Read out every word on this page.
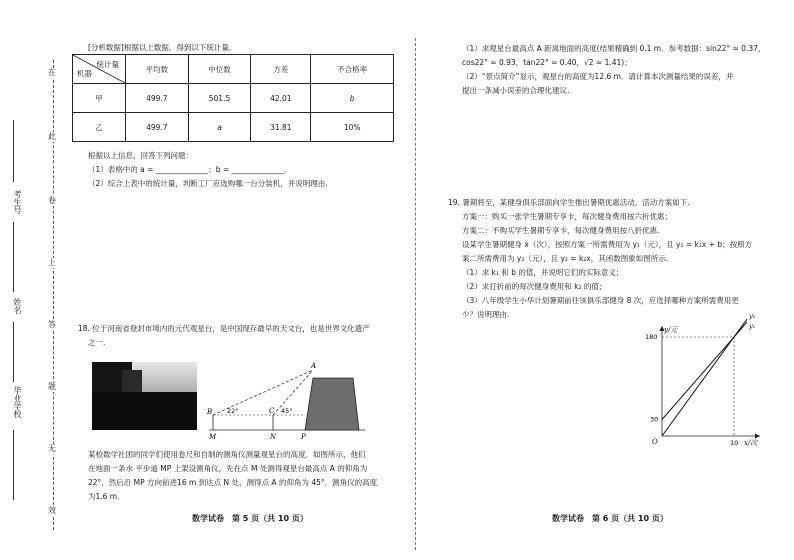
在
此
卷
上
答
题
无
效
考生号
姓名
毕业学校
[分析数据]根据以上数据，得到以下统计量.
统计量
机器	平均数	中位数	方差	不合格率
甲	499.7	501.5	42.01	b
乙	499.7	a	31.81	10%
根据以上信息，回答下列问题：
（1）表格中的 a = ______________；b = ______________．
（2）综合上表中的统计量，判断工厂应选购哪一台分装机，并说明理由.
18. 位于河南省登封市境内的元代观星台，是中国现存最早的天文台，也是世界文化遗产
之一.
A
B	C
M	N	P
22°	45°
某校数学社团的同学们使用卷尺和自制的测角仪测量观星台的高度．如图所示，他们
在地面一条水 平步道 MP 上架设测角仪，先在点 M 处测得观星台最高点 A 的仰角为
22°，然后沿 MP 方向前进16 m 到达点 N 处，测得点 A 的仰角为 45°．测角仪的高度
为1.6 m．
数学试卷　第 5 页（共 10 页）
（1）求观星台最高点 A 距离地面的高度(结果精确到 0.1 m．参考数据：sin22° ≈ 0.37，
cos22° ≈ 0.93，tan22° ≈ 0.40，√2 ≈ 1.41)；
（2）“景点简介”显示，观星台的高度为12.6 m．请计算本次测量结果的误差，并
提出一条减小误差的合理化建议.
19. 暑期将至，某健身俱乐部面向学生推出暑期优惠活动，活动方案如下.
方案一：购买一张学生暑期专享卡，每次健身费用按六折优惠；
方案二：不购买学生暑期专享卡，每次健身费用按八折优惠.
设某学生暑期健身 x（次），按照方案一所需费用为 y₁（元），且 y₁ = k₁x + b；按照方
案二所需费用为 y₂（元），且 y₂ = k₂x，其函数图象如图所示.
（1）求 k₁ 和 b 的值，并说明它们的实际意义；
（2）求打折前的每次健身费用和 k₂ 的值；
（3）八年级学生小华计划暑期前往该俱乐部健身 8 次，应选择哪种方案所需费用更
少？说明理由.
y/元
x/次
O
180
30
10
y₂
y₁
数学试卷　第 6 页（共 10 页）
